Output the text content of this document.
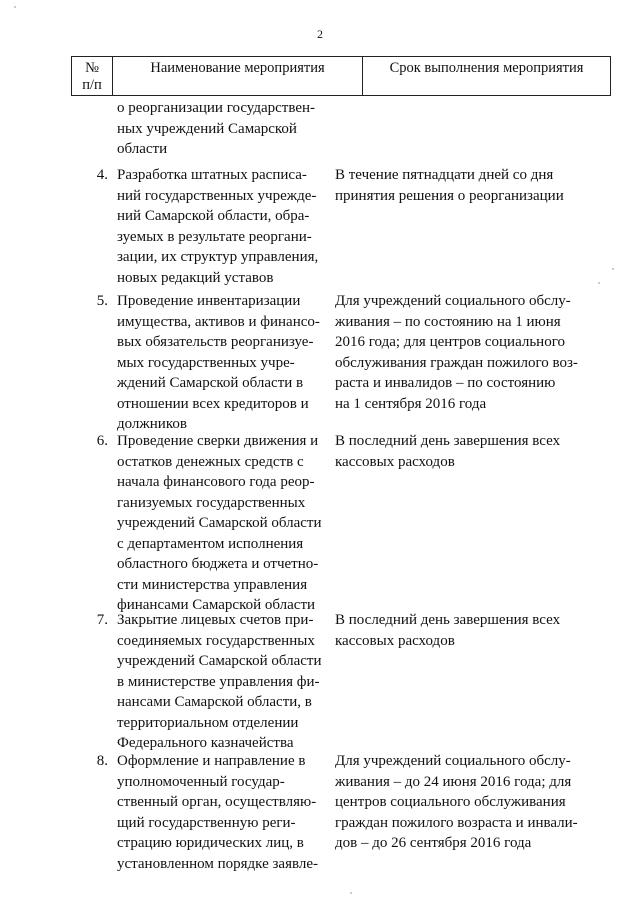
2
№
п/п
Наименование мероприятия	Срок выполнения мероприятия
о реорганизации государствен-
ных учреждений Самарской
области
4. Разработка штатных расписа-
ний государственных учрежде-
ний Самарской области, обра-
зуемых в результате реоргани-
зации, их структур управления,
новых редакций уставов
В течение пятнадцати дней со дня
принятия решения о реорганизации
5. Проведение инвентаризации
имущества, активов и финансо-
вых обязательств реорганизуе-
мых государственных учре-
ждений Самарской области в
отношении всех кредиторов и
должников
Для учреждений социального обслу-
живания – по состоянию на 1 июня
2016 года; для центров социального
обслуживания граждан пожилого воз-
раста и инвалидов – по состоянию
на 1 сентября 2016 года
6. Проведение сверки движения и
остатков денежных средств с
начала финансового года реор-
ганизуемых государственных
учреждений Самарской области
с департаментом исполнения
областного бюджета и отчетно-
сти министерства управления
финансами Самарской области
В последний день завершения всех
кассовых расходов
7. Закрытие лицевых счетов при-
соединяемых государственных
учреждений Самарской области
в министерстве управления фи-
нансами Самарской области, в
территориальном отделении
Федерального казначейства
В последний день завершения всех
кассовых расходов
8. Оформление и направление в
уполномоченный государ-
ственный орган, осуществляю-
щий государственную реги-
страцию юридических лиц, в
установленном порядке заявле-
Для учреждений социального обслу-
живания – до 24 июня 2016 года; для
центров социального обслуживания
граждан пожилого возраста и инвали-
дов – до 26 сентября 2016 года
